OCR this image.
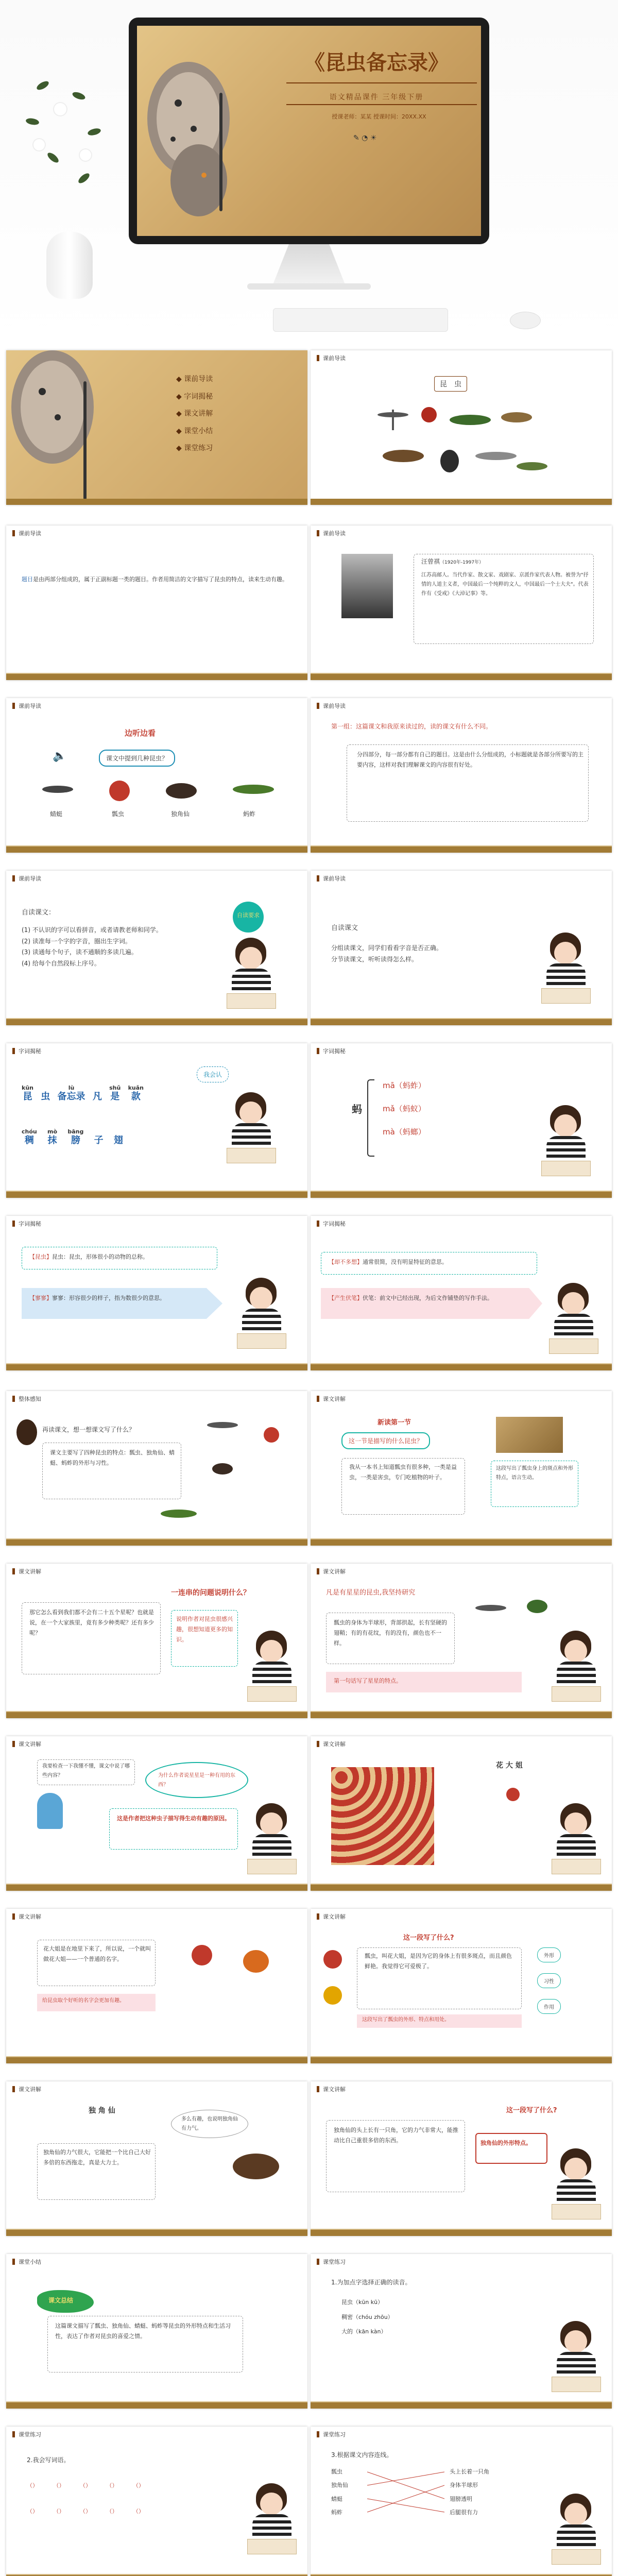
《昆虫备忘录》
语文精品课件 三年级下册
授课老师：某某 授课时间：20XX.XX
✎ ◔ ☀
◆ 课前导读
◆ 字词揭秘
◆ 课文讲解
◆ 课堂小结
◆ 课堂练习
课前导读
昆　虫
课前导读
题目是由两部分组成的，属于正副标题一类的题目。作者用简洁的文字描写了昆虫的特点，读来生动有趣。
课前导读
汪曾祺（1920年-1997年）
江苏高邮人。当代作家、散文家、戏剧家、京派作家代表人物。被誉为"抒情的人道主义者，中国最后一个纯粹的文人，中国最后一个士大夫"。代表作有《受戒》《大淖记事》等。
课前导读
边听边看
🔈	课文中提到几种昆虫？
蜻蜓	瓢虫	独角仙	蚂蚱
课前导读
第一组：这篇课文和我原来读过的，读的课文有什么不同。
分四部分，每一部分都有自己的题目。这是由什么分组成的，小标题就是各部分所要写的主要内容，这样对我们理解课文的内容很有好处。
课前导读
自读课文：
(1) 不认识的字可以看拼音，或者请教老师和同学。
(2) 读准每一个字的字音，圈出生字词。
(3) 读通每个句子，读不通顺的多读几遍。
(4) 给每个自然段标上序号。
自读要求
课前导读
自读课文
分组读课文，同学们看看字音是否正确。
分节读课文，听听读得怎么样。
字词揭秘
我会认
kūn
昆
虫
lù
备忘录
凡
shǔ
是
kuǎn
款
chóu
稠
mò
抹
bāng
膀
子
翅
字词揭秘
蚂
mā（蚂蚱）
mǎ（蚂蚁）
mà（蚂螂）
字词揭秘
【昆虫】昆虫：昆虫，形体很小的动物的总称。
【寥寥】寥寥：形容很少的样子，指为数很少的意思。
字词揭秘
【却不多想】通常很简，没有明显特征的意思。
【产生伏笔】伏笔：前文中已经出现，为后文作铺垫的写作手法。
整体感知
再读课文，想一想课文写了什么？
课文主要写了四种昆虫的特点：瓢虫、独角仙、蜻蜓、蚂蚱的外形与习性。
课文讲解
新读第一节
这一节是描写的什么昆虫？
我从一本书上知道瓢虫有很多种，一类是益虫，一类是害虫，专门吃植物的叶子。
这段写出了瓢虫身上的斑点和外形特点，语言生动。
课文讲解
一连串的问题说明什么？
那它怎么看到我们都不会有二十五个星呢？也就是说，在一个大家族里，竟有多少种类呢？还有多少呢？
说明作者对昆虫很感兴趣，很想知道更多的知识。
课文讲解
凡是有星星的昆虫,我坚持研究
瓢虫的身体为半球形，背部拱起，长有坚硬的翅鞘；有的有花纹，有的没有，颜色也不一样。
第一句话写了星星的特点。
课文讲解
我要检查一下我懂不懂，课文中说了哪些内容？	为什么作者说星星是一种有用的东西？
这是作者把这种虫子描写得生动有趣的原因。
课文讲解
花 大 姐
课文讲解
花大姐是在地里下来了，所以说，一个就叫做花大姐——一个普通的名字。
给昆虫取个好听的名字会更加有趣。
课文讲解
这一段写了什么?
瓢虫，叫花大姐，是因为它的身体上有很多斑点，而且颜色鲜艳。我觉得它可爱极了。
这段写出了瓢虫的外形、特点和用处。
外形
习性
作用
课文讲解
独 角 仙
多么有趣，也说明独角仙有力气。
独角仙的力气很大，它能把一个比自己大好多倍的东西拖走，真是大力士。
课文讲解
这一段写了什么?
独角仙的头上长有一只角，它的力气非常大，能推动比自己重很多倍的东西。	独角仙的外形特点。
课堂小结
课文总结
这篇课文描写了瓢虫、独角仙、蜻蜓、蚂蚱等昆虫的外形特点和生活习性，表达了作者对昆虫的喜爱之情。
课堂练习
1.为加点字选择正确的读音。
昆虫（kūn kū）
稠密（chóu zhōu）
大的（kān kàn）
课堂练习
2.我会写词语。
（）	（）	（）	（）	（）
（）	（）	（）	（）	（）
课堂练习
3.根据课文内容连线。
瓢虫
独角仙
蜻蜓
蚂蚱
头上长着一只角
身体半球形
翅膀透明
后腿很有力
